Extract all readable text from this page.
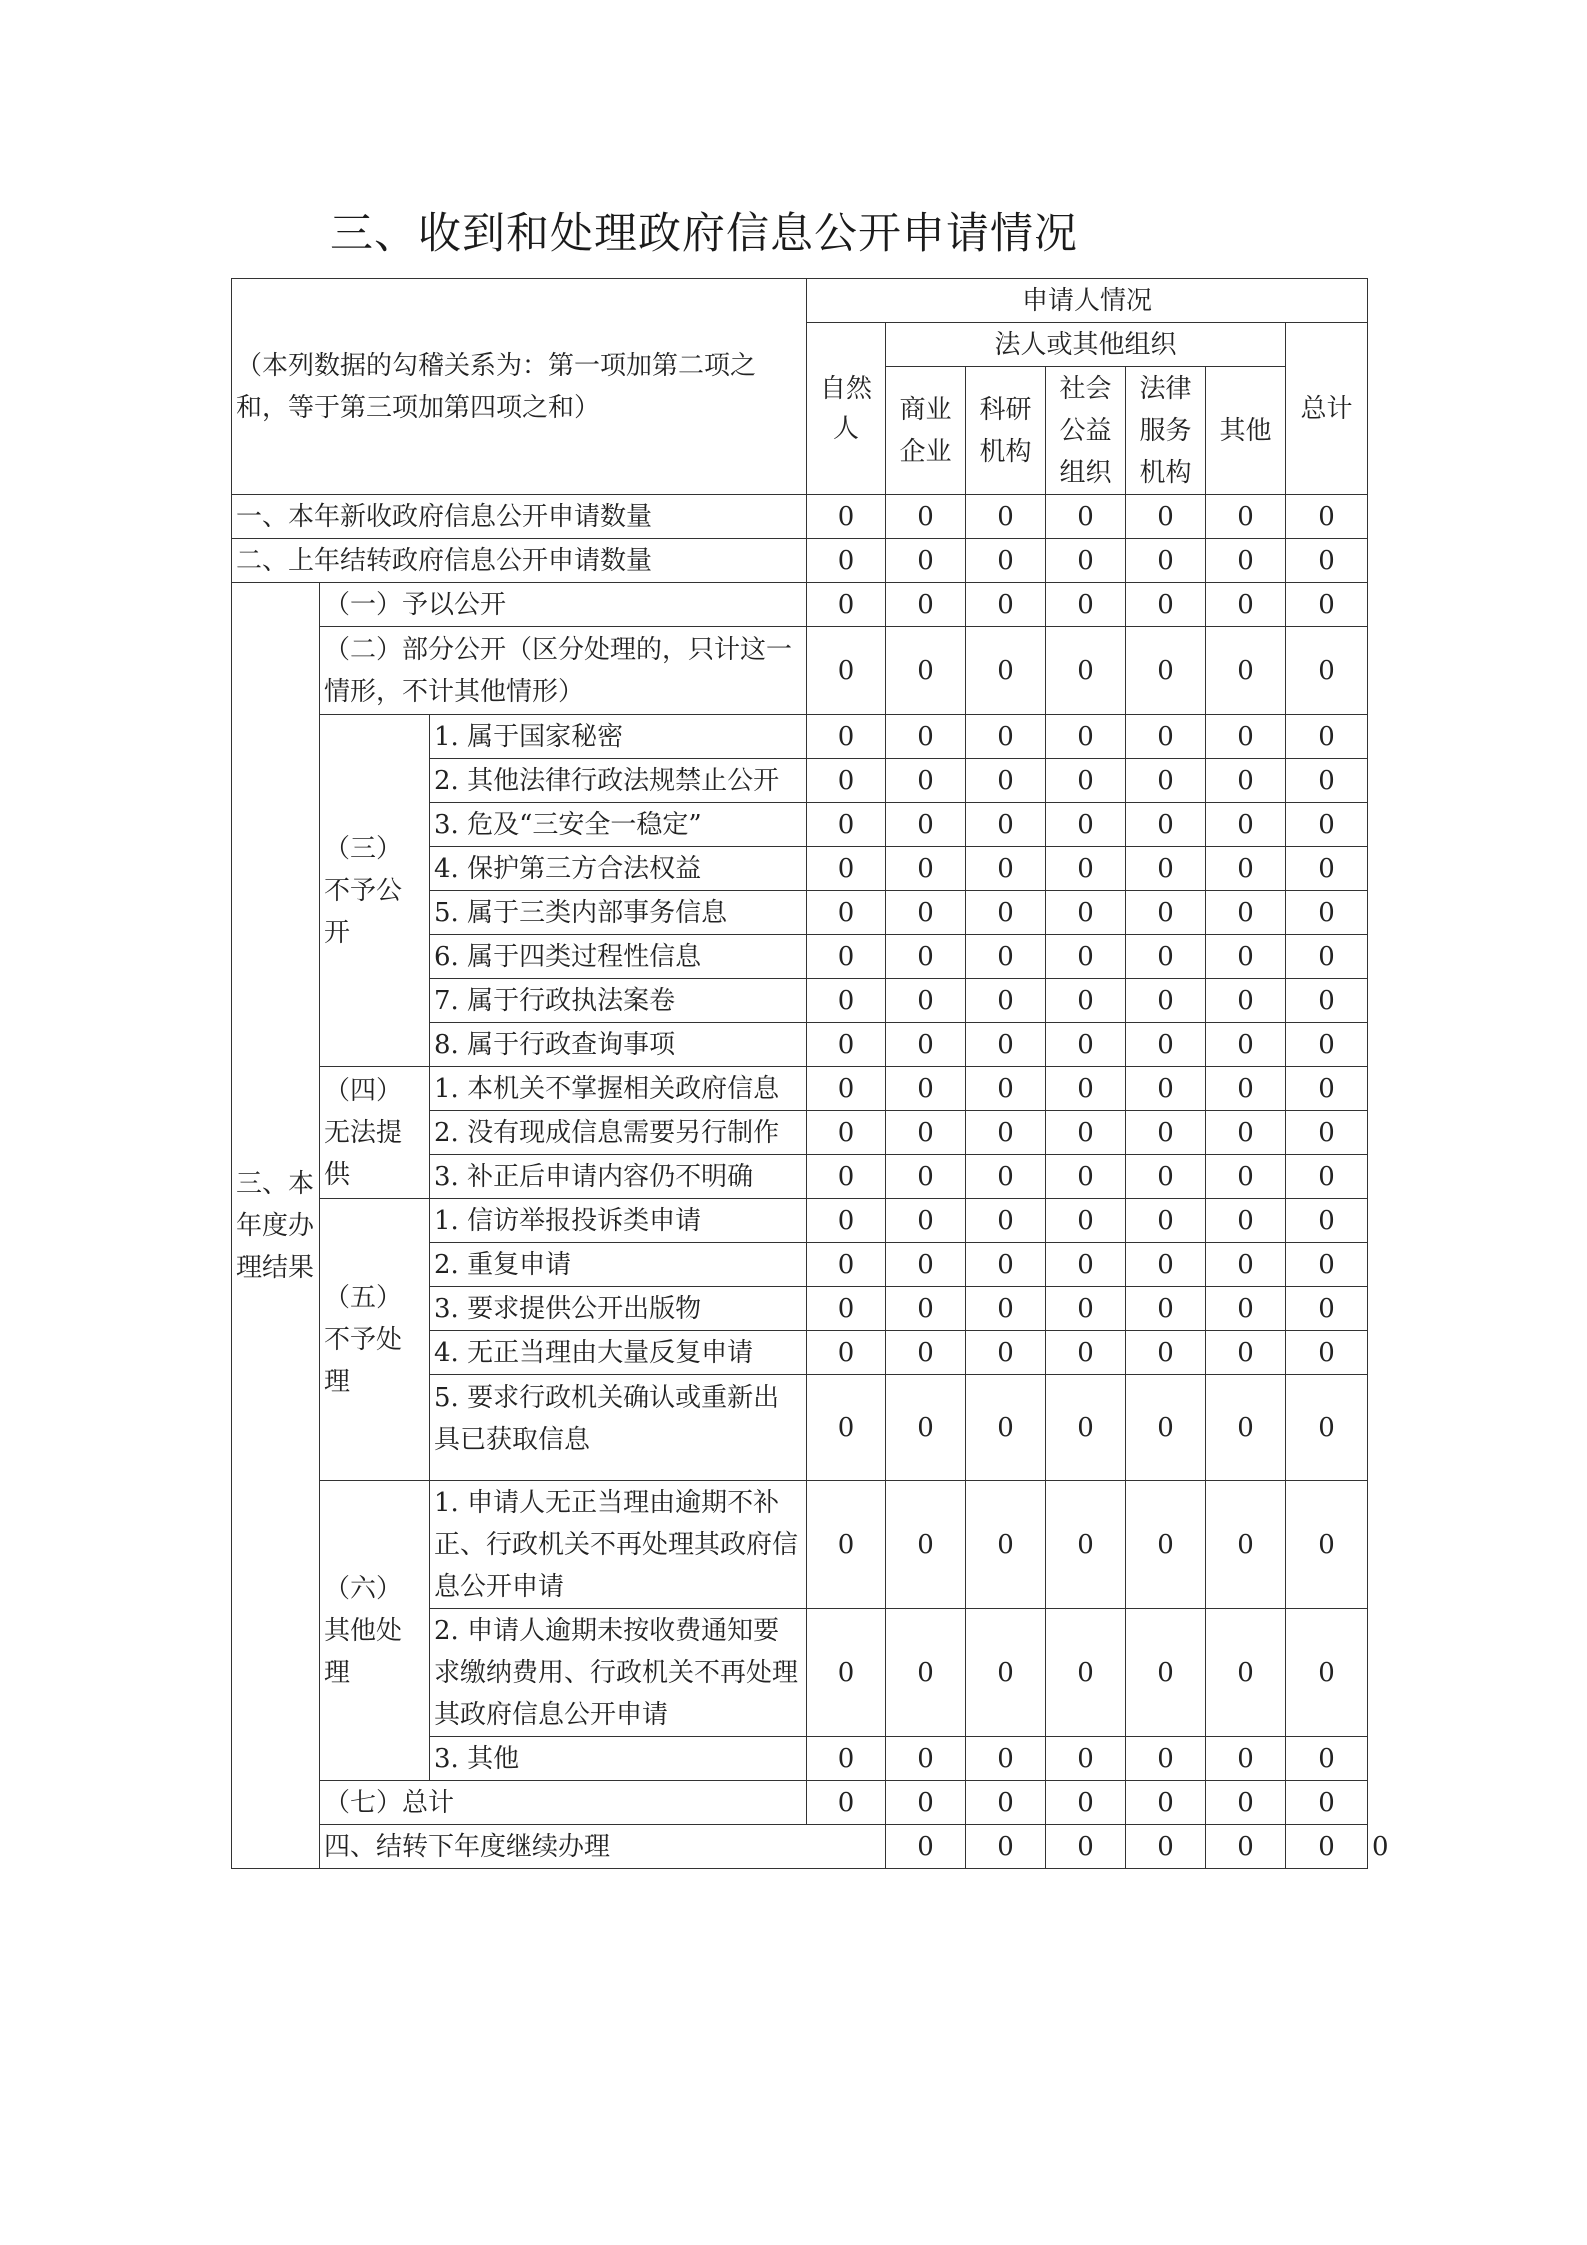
三、收到和处理政府信息公开申请情况
（本列数据的勾稽关系为：第一项加第二项之和，等于第三项加第四项之和）			申请人情况							
			自然人	法人或其他组织					总计	
				商业企业	科研机构	社会公益组织	法律服务机构	其他		
一、本年新收政府信息公开申请数量			0	0	0	0	0	0	0	
二、上年结转政府信息公开申请数量			0	0	0	0	0	0	0	
三、本年度办理结果	（一）予以公开		0	0	0	0	0	0	0	
	（二）部分公开（区分处理的，只计这一情形，不计其他情形）		0	0	0	0	0	0	0	
	（三）不予公开	1. 属于国家秘密	0	0	0	0	0	0	0	
		2. 其他法律行政法规禁止公开	0	0	0	0	0	0	0	
		3. 危及“三安全一稳定”	0	0	0	0	0	0	0	
		4. 保护第三方合法权益	0	0	0	0	0	0	0	
		5. 属于三类内部事务信息	0	0	0	0	0	0	0	
		6. 属于四类过程性信息	0	0	0	0	0	0	0	
		7. 属于行政执法案卷	0	0	0	0	0	0	0	
		8. 属于行政查询事项	0	0	0	0	0	0	0	
	（四）无法提供	1. 本机关不掌握相关政府信息	0	0	0	0	0	0	0	
		2. 没有现成信息需要另行制作	0	0	0	0	0	0	0	
		3. 补正后申请内容仍不明确	0	0	0	0	0	0	0	
	（五）不予处理	1. 信访举报投诉类申请	0	0	0	0	0	0	0	
		2. 重复申请	0	0	0	0	0	0	0	
		3. 要求提供公开出版物	0	0	0	0	0	0	0	
		4. 无正当理由大量反复申请	0	0	0	0	0	0	0	
		5. 要求行政机关确认或重新出具已获取信息	0	0	0	0	0	0	0	
	（六）其他处理	1. 申请人无正当理由逾期不补正、行政机关不再处理其政府信息公开申请	0	0	0	0	0	0	0	
		2. 申请人逾期未按收费通知要求缴纳费用、行政机关不再处理其政府信息公开申请	0	0	0	0	0	0	0	
		3. 其他	0	0	0	0	0	0	0	
	（七）总计		0	0	0	0	0	0	0	
	四、结转下年度继续办理			0	0	0	0	0	0	0
